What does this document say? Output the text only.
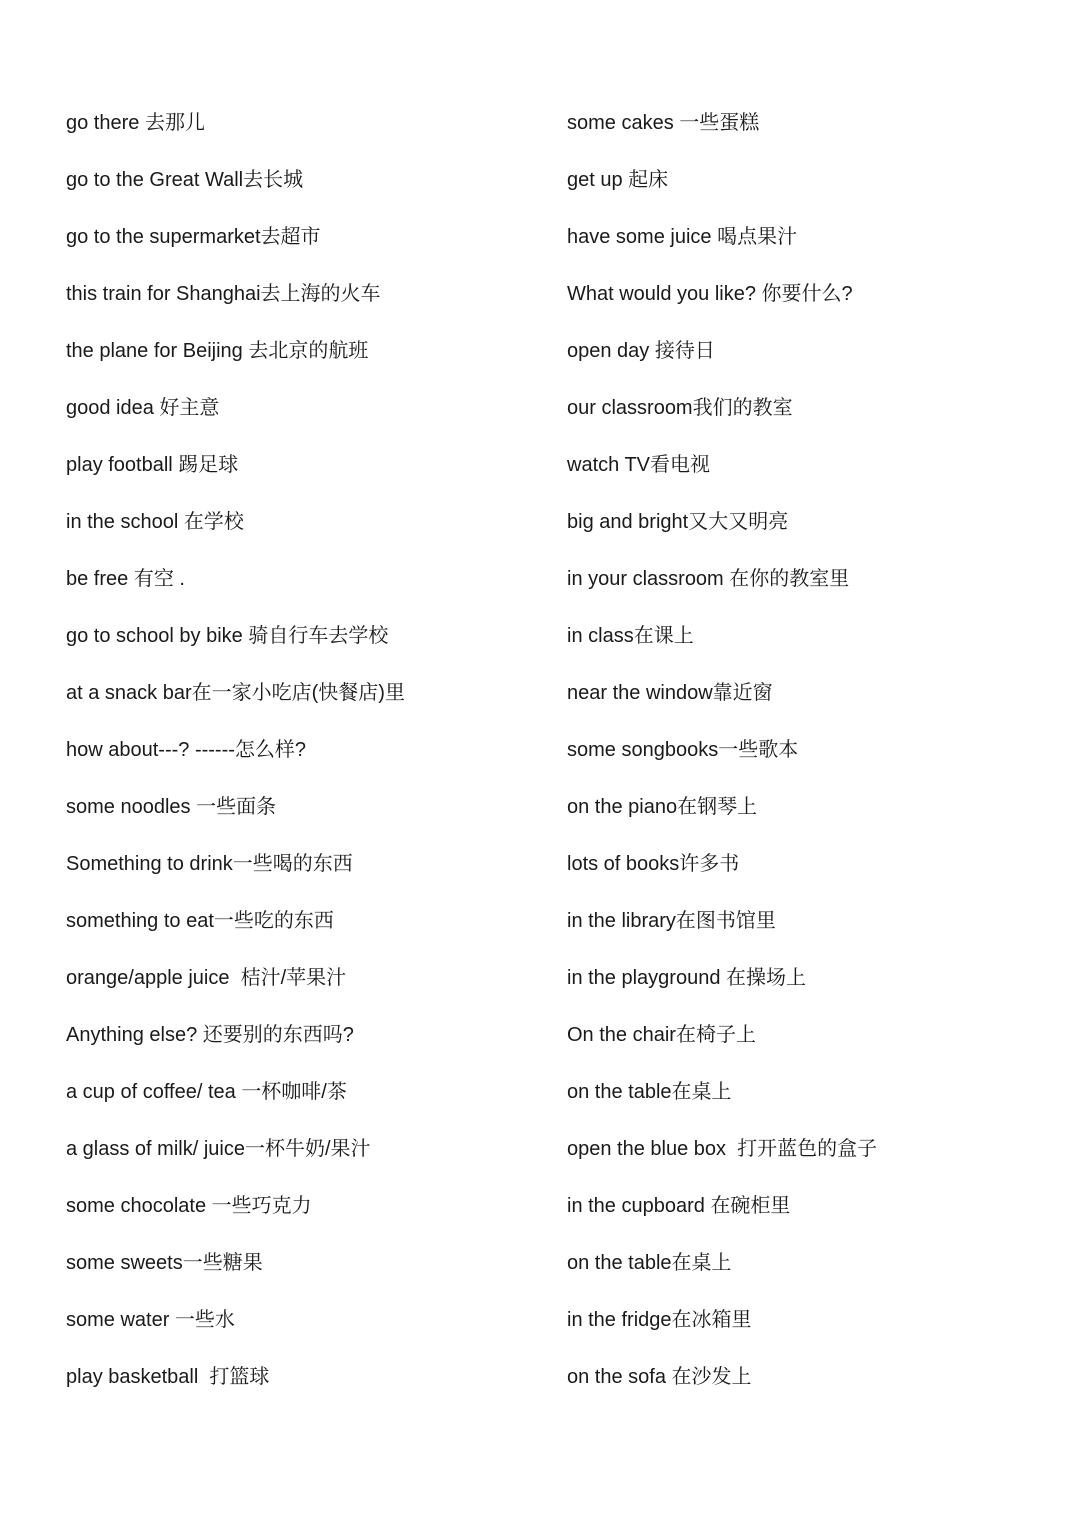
go there 去那儿
go to the Great Wall去长城
go to the supermarket去超市
this train for Shanghai去上海的火车
the plane for Beijing 去北京的航班
good idea 好主意
play football 踢足球
in the school 在学校
be free 有空 .
go to school by bike 骑自行车去学校
at a snack bar在一家小吃店(快餐店)里
how about---? ------怎么样?
some noodles 一些面条
Something to drink一些喝的东西
something to eat一些吃的东西
orange/apple juice  桔汁/苹果汁
Anything else? 还要别的东西吗?
a cup of coffee/ tea 一杯咖啡/茶
a glass of milk/ juice一杯牛奶/果汁
some chocolate 一些巧克力
some sweets一些糖果
some water 一些水
play basketball  打篮球
some cakes 一些蛋糕
get up 起床
have some juice 喝点果汁
What would you like? 你要什么?
open day 接待日
our classroom我们的教室
watch TV看电视
big and bright又大又明亮
in your classroom 在你的教室里
in class在课上
near the window靠近窗
some songbooks一些歌本
on the piano在钢琴上
lots of books许多书
in the library在图书馆里
in the playground 在操场上
On the chair在椅子上
on the table在桌上
open the blue box  打开蓝色的盒子
in the cupboard 在碗柜里
on the table在桌上
in the fridge在冰箱里
on the sofa 在沙发上
